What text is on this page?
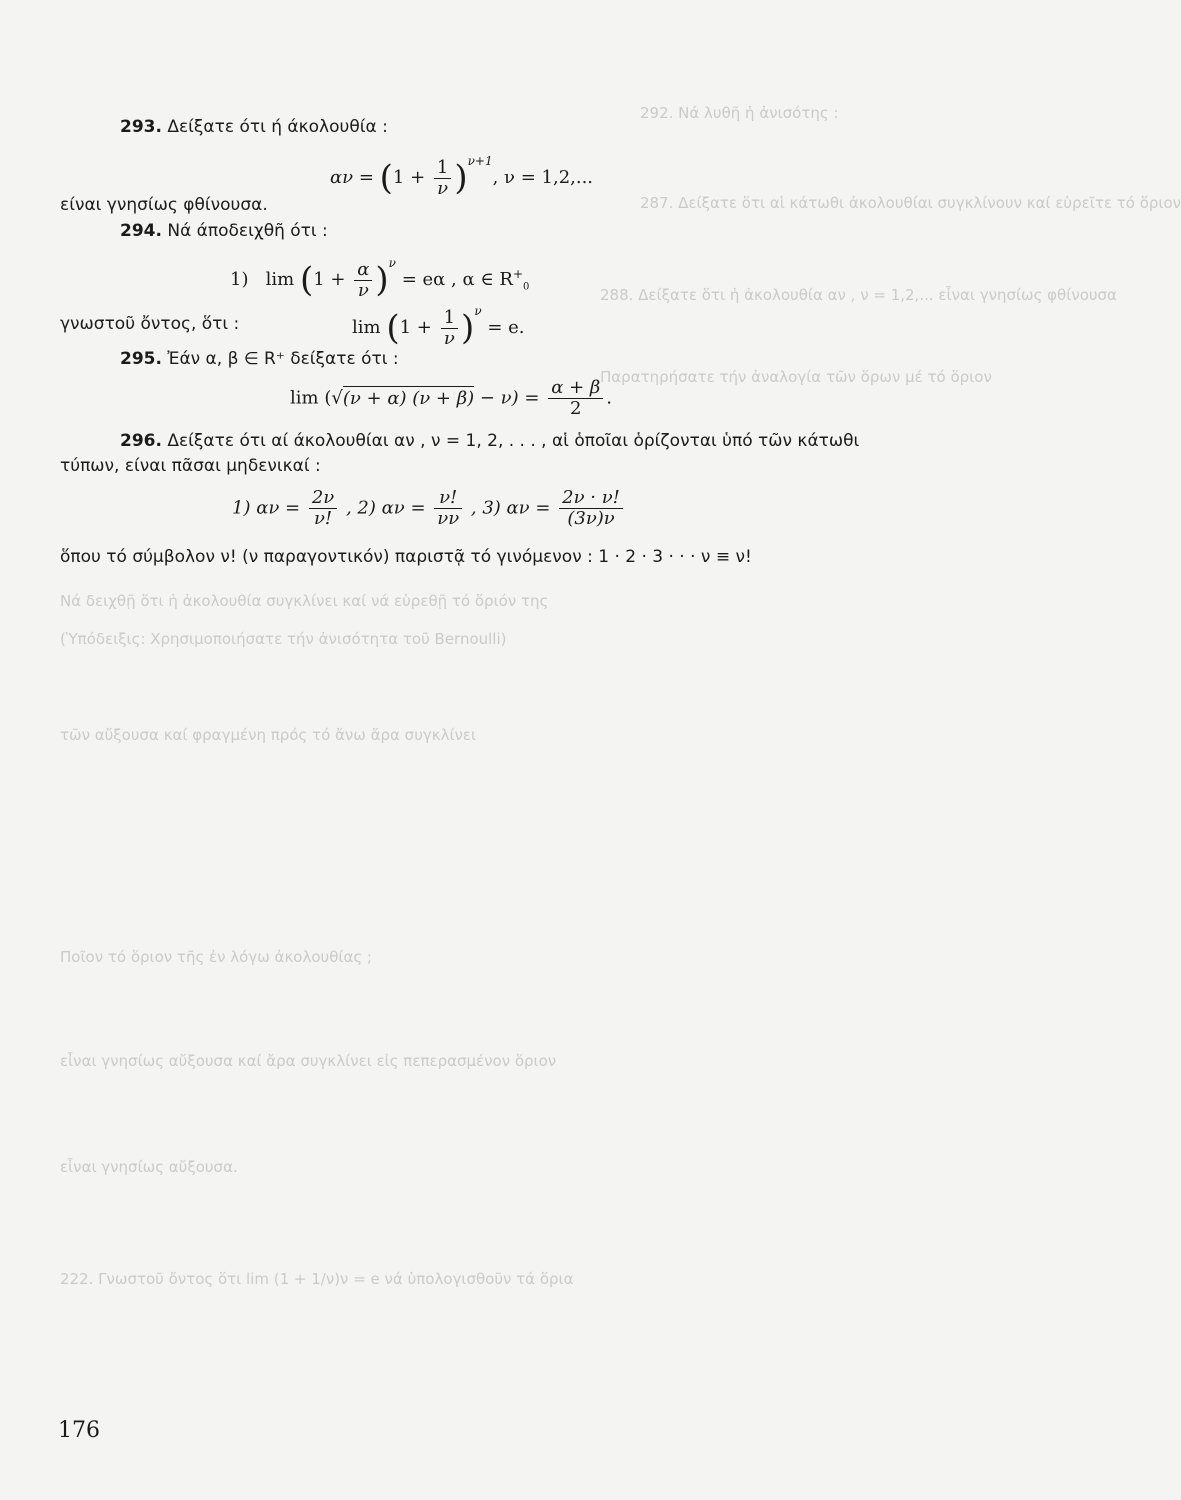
292. Νά λυθῆ ἡ ἀνισότης :
287. Δείξατε ὅτι αἱ κάτωθι ἀκολουθίαι συγκλίνουν καί εὑρεῖτε τό ὅριον
Παρατηρήσατε τήν ἀναλογία τῶν ὅρων μέ τό ὅριον
288. Δείξατε ὅτι ἡ ἀκολουθία αν , ν = 1,2,... εἶναι γνησίως φθίνουσα
Νά δειχθῇ ὅτι ἡ ἀκολουθία συγκλίνει καί νά εὑρεθῇ τό ὅριόν της
(Ὑπόδειξις: Χρησιμοποιήσατε τήν ἀνισότητα τοῦ Bernoulli)
τῶν αὔξουσα καί φραγμένη πρός τό ἄνω ἄρα συγκλίνει
Ποῖον τό ὅριον τῆς ἐν λόγω ἀκολουθίας ;
εἶναι γνησίως αὔξουσα καί ἄρα συγκλίνει εἰς πεπερασμένον ὅριον
εἶναι γνησίως αὔξουσα.
222. Γνωστοῦ ὄντος ὅτι lim (1 + 1/ν)ν = e νά ὑπολογισθοῦν τά ὅρια
293. Δείξατε ότι ή άκολουθία :
$\alpha\nu = (1 + \frac{1}{\nu} )^{\nu+1}$, ν = 1,2,...
είναι γνησίως φθίνουσα.
294. Νά άποδειχθῆ ότι :
1) $\lim (1 + \frac{\alpha}{\nu} )^\nu = e\alpha$ , α ∈ $R^+_0$
γνωστοῦ ὄντος, ὅτι :	$\lim (1 + \frac{1}{\nu} )^\nu = e$.
295. Ἐάν α, β ∈ R⁺ δείξατε ότι :
lim (√(ν + α) $(\nu + \beta) - \nu) = \frac{\alpha + \beta}{2}$ .
296. Δείξατε ότι αί άκολουθίαι αν , ν = 1, 2, . . . , αἱ ὁποῖαι ὁρίζονται ὑπό τῶν κάτωθι
τύπων, είναι πᾶσαι μηδενικαί :
1) $\alpha\nu = \frac{2\nu}{\nu!}$ , 2) $\alpha\nu = \frac{\nu!}{\nu\nu}$ , 3) $\alpha\nu = \frac{2\nu \cdot \nu!}{(3\nu)\nu}$
ὅπου τό σύμβολον ν! (ν παραγοντικόν) παριστᾷ τό γινόμενον : 1 · 2 · 3 · · · ν ≡ ν!
176
